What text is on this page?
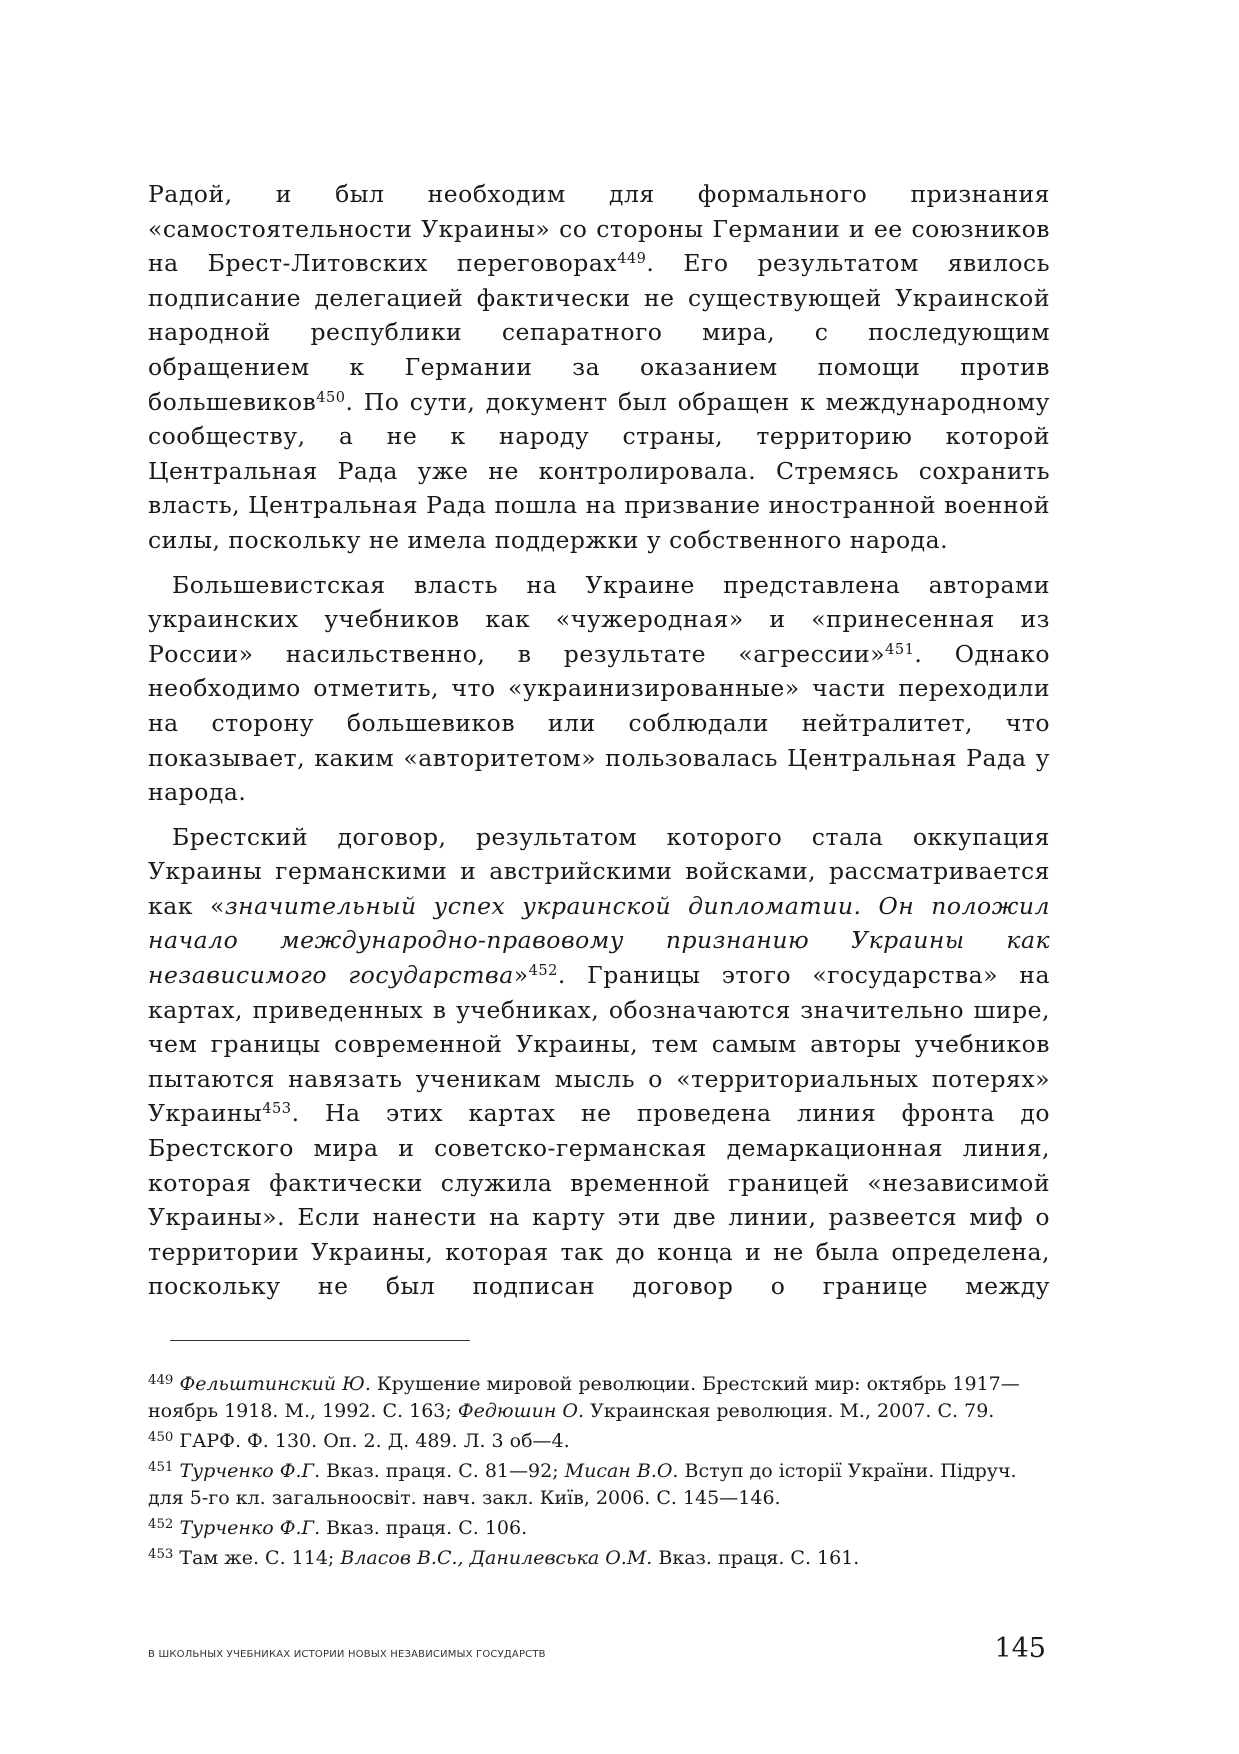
Радой, и был необходим для формального признания «самостоятельности Украины» со стороны Германии и ее союзников на Брест-Литовских переговорах$^{449}$. Его результатом явилось подписание делегацией фактически не существующей Украинской народной республики сепаратного мира, с последующим обращением к Германии за оказанием помощи против большевиков$^{450}$. По сути, документ был обращен к международному сообществу, а не к народу страны, территорию которой Центральная Рада уже не контролировала. Стремясь сохранить власть, Центральная Рада пошла на призвание иностранной военной силы, поскольку не имела поддержки у собственного народа.

Большевистская власть на Украине представлена авторами украинских учебников как «чужеродная» и «принесенная из России» насильственно, в результате «агрессии»$^{451}$. Однако необходимо отметить, что «украинизированные» части переходили на сторону большевиков или соблюдали нейтралитет, что показывает, каким «авторитетом» пользовалась Центральная Рада у народа.

Брестский договор, результатом которого стала оккупация Украины германскими и австрийскими войсками, рассматривается как «значительный успех украинской дипломатии. Он положил начало международно-правовому признанию Украины как независимого государства»$^{452}$. Границы этого «государства» на картах, приведенных в учебниках, обозначаются значительно шире, чем границы современной Украины, тем самым авторы учебников пытаются навязать ученикам мысль о «территориальных потерях» Украины$^{453}$. На этих картах не проведена линия фронта до Брестского мира и советско-германская демаркационная линия, которая фактически служила временной границей «независимой Украины». Если нанести на карту эти две линии, развеется миф о территории Украины, которая так до конца и не была определена, поскольку не был подписан договор о границе между

$^{449}$ Фельштинский Ю. Крушение мировой революции. Брестский мир: октябрь 1917—ноябрь 1918. М., 1992. С. 163; Федюшин О. Украинская революция. М., 2007. С. 79.

$^{450}$ ГАРФ. Ф. 130. Оп. 2. Д. 489. Л. 3 об—4.

$^{451}$ Турченко Ф.Г. Вказ. праця. С. 81—92; Мисан В.О. Вступ до історії України. Підруч. для 5-го кл. загальноосвіт. навч. закл. Київ, 2006. С. 145—146.

$^{452}$ Турченко Ф.Г. Вказ. праця. С. 106.

$^{453}$ Там же. С. 114; Власов В.С., Данилевська О.М. Вказ. праця. С. 161.

В ШКОЛЬНЫХ УЧЕБНИКАХ ИСТОРИИ НОВЫХ НЕЗАВИСИМЫХ ГОСУДАРСТВ	145
